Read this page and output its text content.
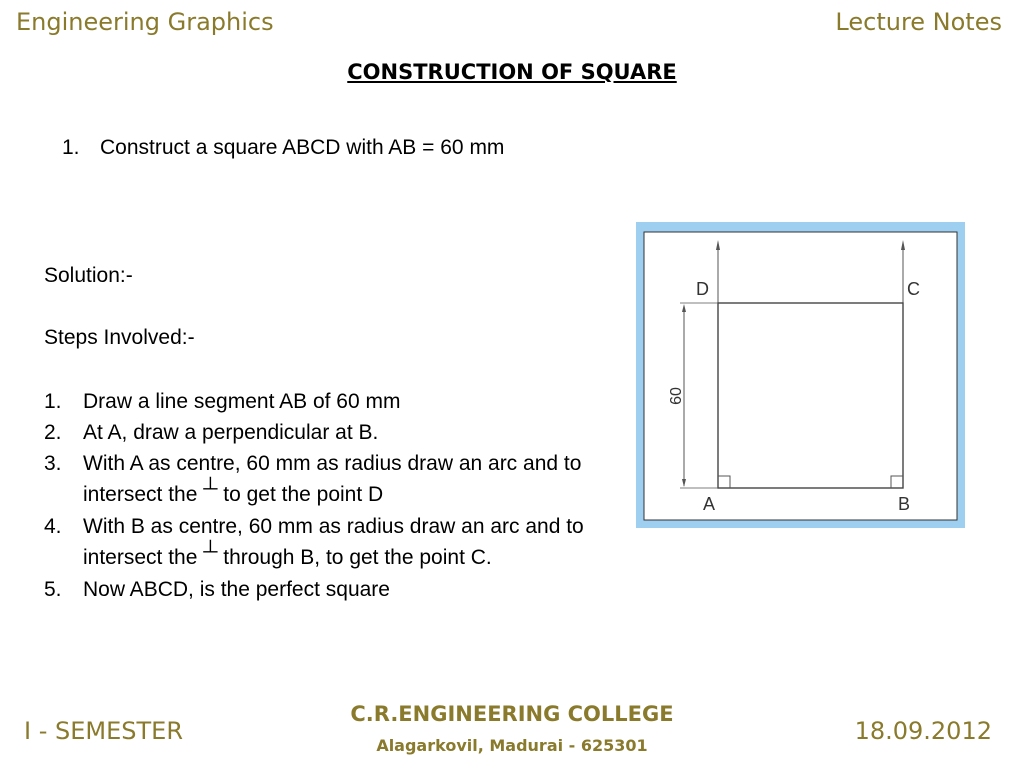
Engineering Graphics	Lecture Notes
CONSTRUCTION OF SQUARE
1. Construct a square ABCD with AB = 60 mm
Solution:-
Steps Involved:-
1. Draw a line segment AB of 60 mm
2. At A, draw a perpendicular at B.
3. With A as centre, 60 mm as radius draw an arc and to intersect the ┴ to get the point D
4. With B as centre, 60 mm as radius draw an arc and to intersect the ┴ through B, to get the point C.
5. Now ABCD, is the perfect square
60
D	C
A	B
I - SEMESTER
C.R.ENGINEERING COLLEGE
Alagarkovil, Madurai - 625301
18.09.2012
